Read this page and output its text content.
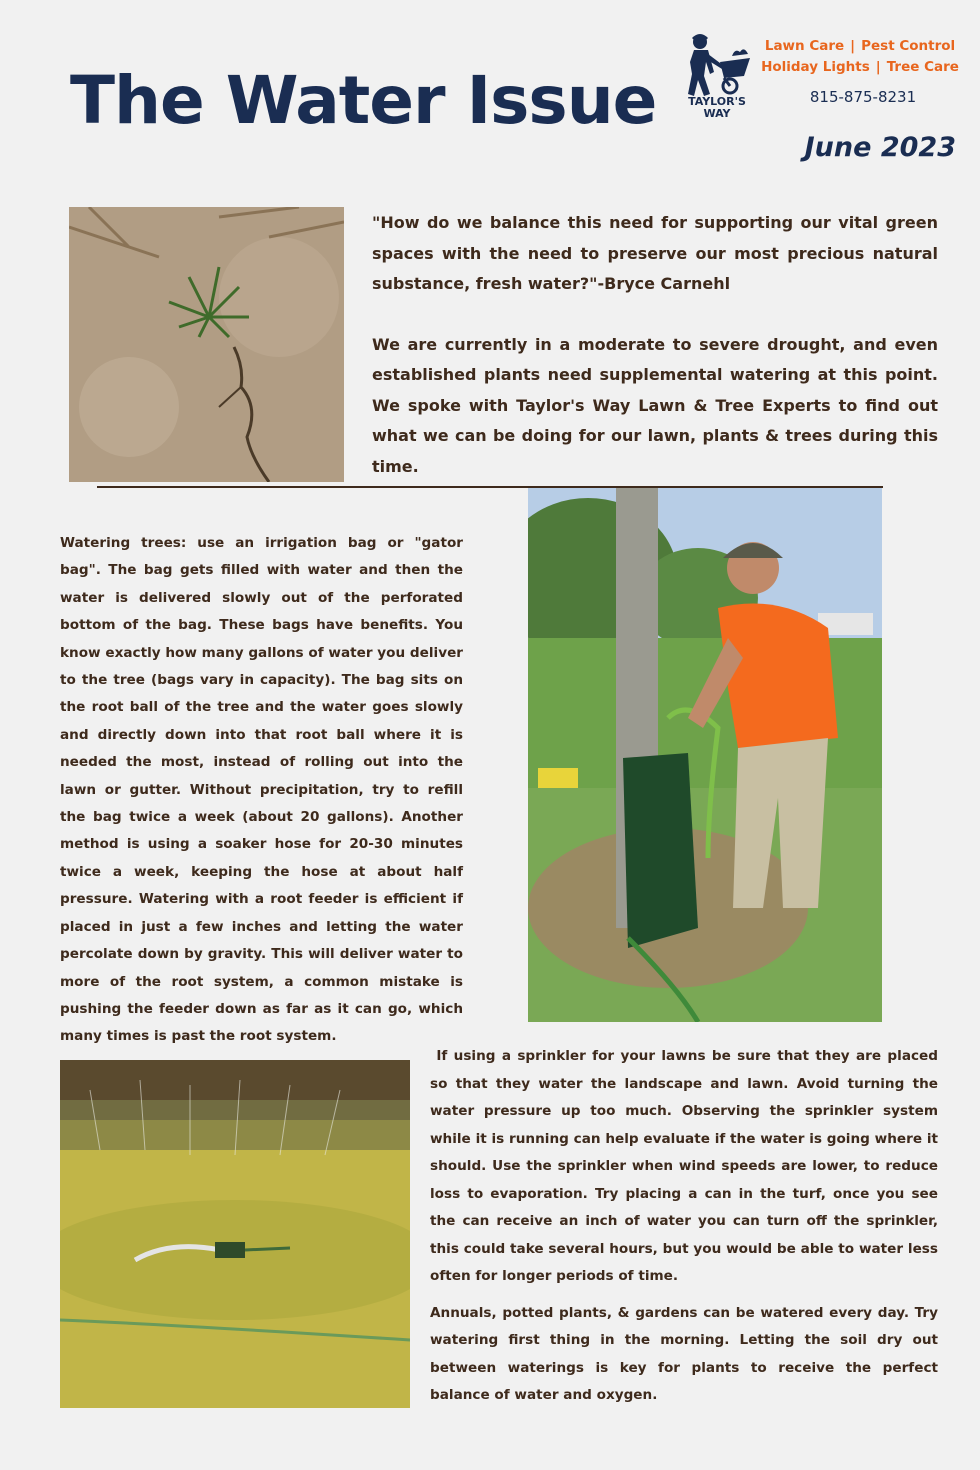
The Water Issue	TAYLOR'S
WAY
Lawn Care | Pest Control
Holiday Lights | Tree Care
815-875-8231
June 2023

"How do we balance this need for supporting our vital green spaces with the need to preserve our most precious natural substance, fresh water?"-Bryce Carnehl

We are currently in a moderate to severe drought, and even established plants need supplemental watering at this point. We spoke with Taylor's Way Lawn & Tree Experts to find out what we can be doing for our lawn, plants & trees during this time.

Watering trees: use an irrigation bag or "gator bag". The bag gets filled with water and then the water is delivered slowly out of the perforated bottom of the bag. These bags have benefits. You know exactly how many gallons of water you deliver to the tree (bags vary in capacity). The bag sits on the root ball of the tree and the water goes slowly and directly down into that root ball where it is needed the most, instead of rolling out into the lawn or gutter. Without precipitation, try to refill the bag twice a week (about 20 gallons). Another method is using a soaker hose for 20-30 minutes twice a week, keeping the hose at about half pressure. Watering with a root feeder is efficient if placed in just a few inches and letting the water percolate down by gravity. This will deliver water to more of the root system, a common mistake is pushing the feeder down as far as it can go, which many times is past the root system.

If using a sprinkler for your lawns be sure that they are placed so that they water the landscape and lawn. Avoid turning the water pressure up too much. Observing the sprinkler system while it is running can help evaluate if the water is going where it should. Use the sprinkler when wind speeds are lower, to reduce loss to evaporation. Try placing a can in the turf, once you see the can receive an inch of water you can turn off the sprinkler, this could take several hours, but you would be able to water less often for longer periods of time.

Annuals, potted plants, & gardens can be watered every day. Try watering first thing in the morning. Letting the soil dry out between waterings is key for plants to receive the perfect balance of water and oxygen.
